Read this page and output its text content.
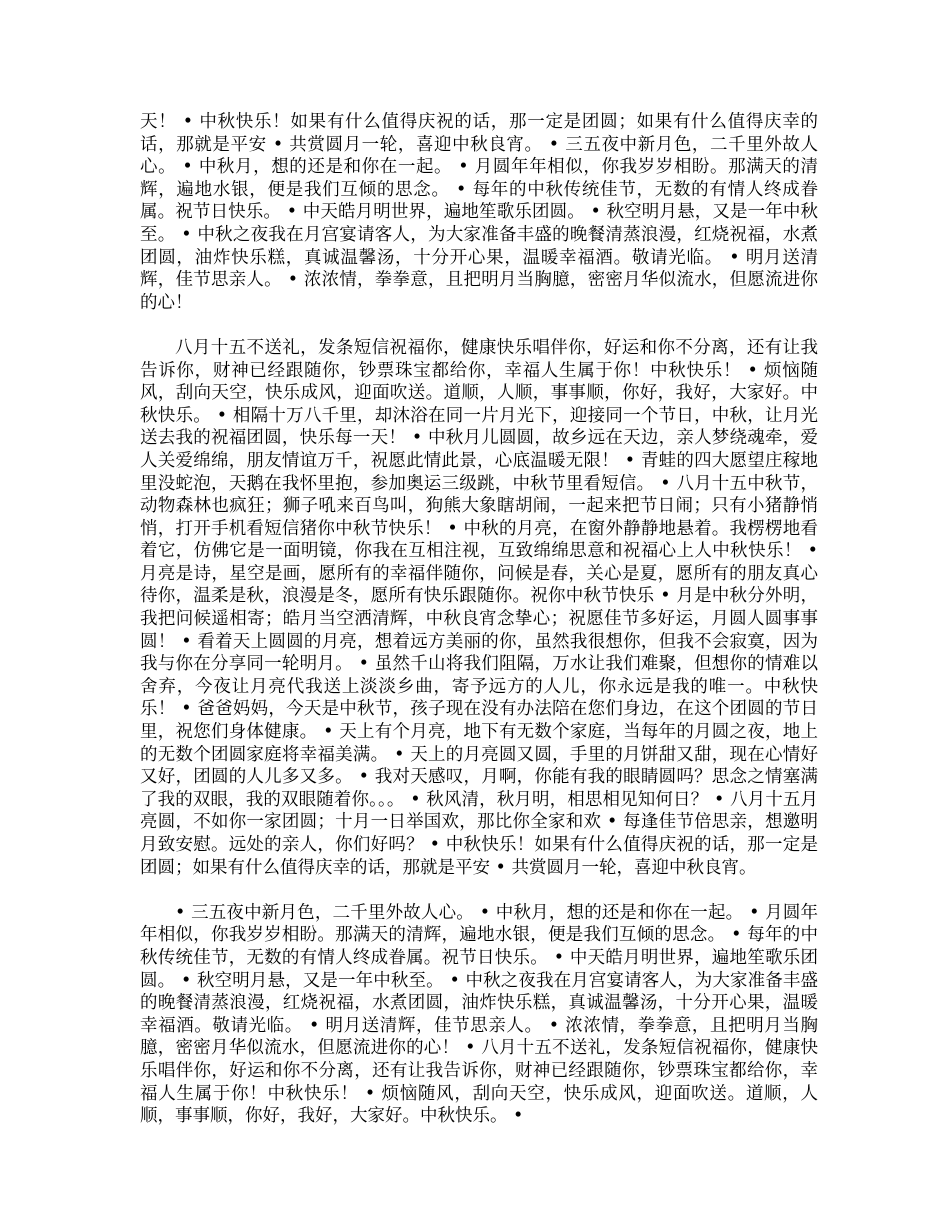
天！ • 中秋快乐！如果有什么值得庆祝的话，那一定是团圆；如果有什么值得庆幸的话，那就是平安 • 共赏圆月一轮，喜迎中秋良宵。 • 三五夜中新月色，二千里外故人心。 • 中秋月，想的还是和你在一起。 • 月圆年年相似，你我岁岁相盼。那满天的清辉，遍地水银，便是我们互倾的思念。 • 每年的中秋传统佳节，无数的有情人终成眷属。祝节日快乐。 • 中天皓月明世界，遍地笙歌乐团圆。 • 秋空明月悬，又是一年中秋至。 • 中秋之夜我在月宫宴请客人，为大家准备丰盛的晚餐清蒸浪漫，红烧祝福，水煮团圆，油炸快乐糕，真诚温馨汤，十分开心果，温暖幸福酒。敬请光临。 • 明月送清辉，佳节思亲人。 • 浓浓情，拳拳意，且把明月当胸臆，密密月华似流水，但愿流进你的心！

八月十五不送礼，发条短信祝福你，健康快乐唱伴你，好运和你不分离，还有让我告诉你，财神已经跟随你，钞票珠宝都给你，幸福人生属于你！中秋快乐！ • 烦恼随风，刮向天空，快乐成风，迎面吹送。道顺，人顺，事事顺，你好，我好，大家好。中秋快乐。 • 相隔十万八千里，却沐浴在同一片月光下，迎接同一个节日，中秋，让月光送去我的祝福团圆，快乐每一天！ • 中秋月儿圆圆，故乡远在天边，亲人梦绕魂牵，爱人关爱绵绵，朋友情谊万千，祝愿此情此景，心底温暖无限！ • 青蛙的四大愿望庄稼地里没蛇泡，天鹅在我怀里抱，参加奥运三级跳，中秋节里看短信。 • 八月十五中秋节，动物森林也疯狂；狮子吼来百鸟叫，狗熊大象瞎胡闹，一起来把节日闹；只有小猪静悄悄，打开手机看短信猪你中秋节快乐！ • 中秋的月亮，在窗外静静地悬着。我楞楞地看着它，仿佛它是一面明镜，你我在互相注视，互致绵绵思意和祝福心上人中秋快乐！ • 月亮是诗，星空是画，愿所有的幸福伴随你，问候是春，关心是夏，愿所有的朋友真心待你，温柔是秋，浪漫是冬，愿所有快乐跟随你。祝你中秋节快乐 • 月是中秋分外明，我把问候遥相寄；皓月当空洒清辉，中秋良宵念挚心；祝愿佳节多好运，月圆人圆事事圆！ • 看着天上圆圆的月亮，想着远方美丽的你，虽然我很想你，但我不会寂寞，因为我与你在分享同一轮明月。 • 虽然千山将我们阻隔，万水让我们难聚，但想你的情难以舍弃，今夜让月亮代我送上淡淡乡曲，寄予远方的人儿，你永远是我的唯一。中秋快乐！ • 爸爸妈妈，今天是中秋节，孩子现在没有办法陪在您们身边，在这个团圆的节日里，祝您们身体健康。 • 天上有个月亮，地下有无数个家庭，当每年的月圆之夜，地上的无数个团圆家庭将幸福美满。 • 天上的月亮圆又圆，手里的月饼甜又甜，现在心情好又好，团圆的人儿多又多。 • 我对天感叹，月啊，你能有我的眼睛圆吗？思念之情塞满了我的双眼，我的双眼随着你。。。 • 秋风清，秋月明，相思相见知何日？ • 八月十五月亮圆，不如你一家团圆；十月一日举国欢，那比你全家和欢 • 每逢佳节倍思亲，想邀明月致安慰。远处的亲人，你们好吗？ • 中秋快乐！如果有什么值得庆祝的话，那一定是团圆；如果有什么值得庆幸的话，那就是平安 • 共赏圆月一轮，喜迎中秋良宵。

• 三五夜中新月色，二千里外故人心。 • 中秋月，想的还是和你在一起。 • 月圆年年相似，你我岁岁相盼。那满天的清辉，遍地水银，便是我们互倾的思念。 • 每年的中秋传统佳节，无数的有情人终成眷属。祝节日快乐。 • 中天皓月明世界，遍地笙歌乐团圆。 • 秋空明月悬，又是一年中秋至。 • 中秋之夜我在月宫宴请客人，为大家准备丰盛的晚餐清蒸浪漫，红烧祝福，水煮团圆，油炸快乐糕，真诚温馨汤，十分开心果，温暖幸福酒。敬请光临。 • 明月送清辉，佳节思亲人。 • 浓浓情，拳拳意，且把明月当胸臆，密密月华似流水，但愿流进你的心！ • 八月十五不送礼，发条短信祝福你，健康快乐唱伴你，好运和你不分离，还有让我告诉你，财神已经跟随你，钞票珠宝都给你，幸福人生属于你！中秋快乐！ • 烦恼随风，刮向天空，快乐成风，迎面吹送。道顺，人顺，事事顺，你好，我好，大家好。中秋快乐。 •
